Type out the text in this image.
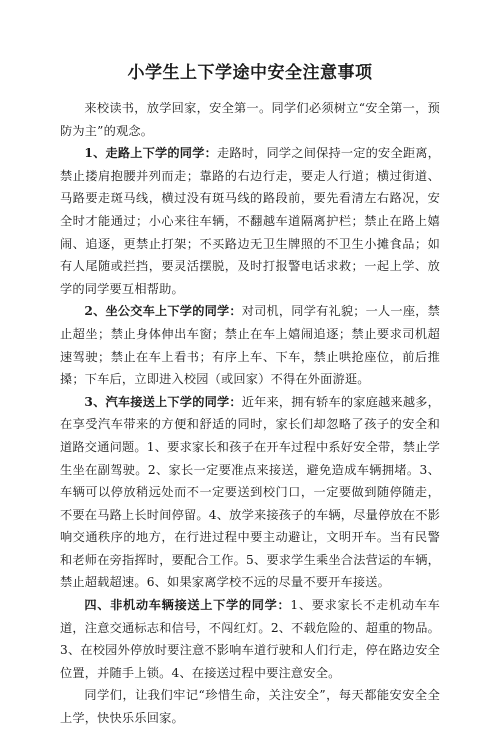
小学生上下学途中安全注意事项

来校读书，放学回家，安全第一。同学们必须树立“安全第一，预防为主”的观念。

1、走路上下学的同学：走路时，同学之间保持一定的安全距离，禁止搂肩抱腰并列而走；靠路的右边行走，要走人行道；横过街道、马路要走斑马线，横过没有斑马线的路段前，要先看清左右路况，安全时才能通过；小心来往车辆，不翻越车道隔离护栏；禁止在路上嬉闹、追逐，更禁止打架；不买路边无卫生牌照的不卫生小摊食品；如有人尾随或拦挡，要灵活摆脱，及时打报警电话求救；一起上学、放学的同学要互相帮助。

2、坐公交车上下学的同学：对司机，同学有礼貌；一人一座，禁止超坐；禁止身体伸出车窗；禁止在车上嬉闹追逐；禁止要求司机超速驾驶；禁止在车上看书；有序上车、下车，禁止哄抢座位，前后推搡；下车后，立即进入校园（或回家）不得在外面游逛。

3、汽车接送上下学的同学：近年来，拥有轿车的家庭越来越多，在享受汽车带来的方便和舒适的同时，家长们却忽略了孩子的安全和道路交通问题。1、要求家长和孩子在开车过程中系好安全带，禁止学生坐在副驾驶。2、家长一定要准点来接送，避免造成车辆拥堵。3、车辆可以停放稍远处而不一定要送到校门口，一定要做到随停随走，不要在马路上长时间停留。4、放学来接孩子的车辆，尽量停放在不影响交通秩序的地方，在行进过程中要主动避让，文明开车。当有民警和老师在旁指挥时，要配合工作。5、要求学生乘坐合法营运的车辆，禁止超载超速。6、如果家离学校不远的尽量不要开车接送。

四、非机动车辆接送上下学的同学：1、要求家长不走机动车车道，注意交通标志和信号，不闯红灯。2、不载危险的、超重的物品。3、在校园外停放时要注意不影响车道行驶和人们行走，停在路边安全位置，并随手上锁。4、在接送过程中要注意安全。

同学们，让我们牢记“珍惜生命，关注安全”，每天都能安安全全上学，快快乐乐回家。
